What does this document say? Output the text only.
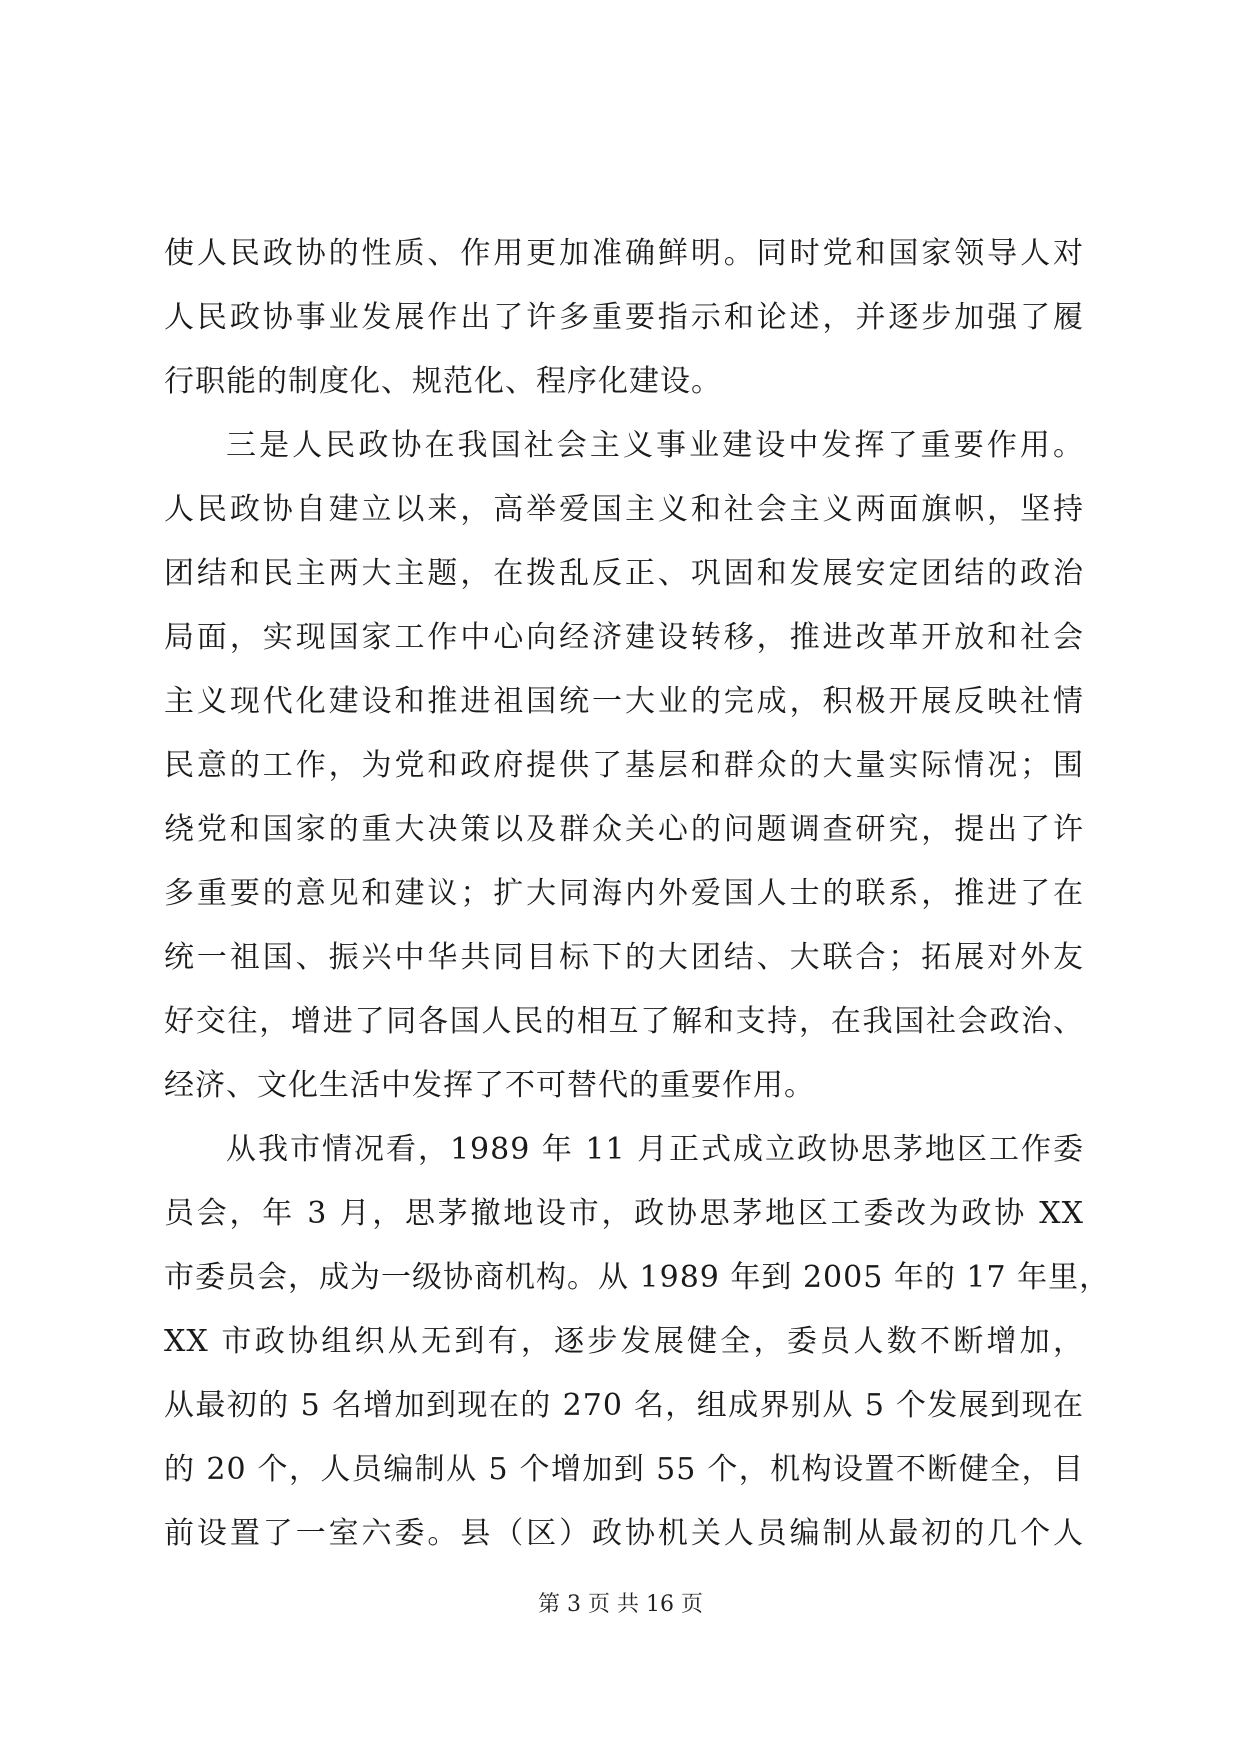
使人民政协的性质、作用更加准确鲜明。同时党和国家领导人对
人民政协事业发展作出了许多重要指示和论述，并逐步加强了履
行职能的制度化、规范化、程序化建设。
三是人民政协在我国社会主义事业建设中发挥了重要作用。
人民政协自建立以来，高举爱国主义和社会主义两面旗帜，坚持
团结和民主两大主题，在拨乱反正、巩固和发展安定团结的政治
局面，实现国家工作中心向经济建设转移，推进改革开放和社会
主义现代化建设和推进祖国统一大业的完成，积极开展反映社情
民意的工作，为党和政府提供了基层和群众的大量实际情况；围
绕党和国家的重大决策以及群众关心的问题调查研究，提出了许
多重要的意见和建议；扩大同海内外爱国人士的联系，推进了在
统一祖国、振兴中华共同目标下的大团结、大联合；拓展对外友
好交往，增进了同各国人民的相互了解和支持，在我国社会政治、
经济、文化生活中发挥了不可替代的重要作用。
从我市情况看，1989 年 11 月正式成立政协思茅地区工作委
员会，年 3 月，思茅撤地设市，政协思茅地区工委改为政协 XX
市委员会，成为一级协商机构。从 1989 年到 2005 年的 17 年里，
XX 市政协组织从无到有，逐步发展健全，委员人数不断增加，
从最初的 5 名增加到现在的 270 名，组成界别从 5 个发展到现在
的 20 个，人员编制从 5 个增加到 55 个，机构设置不断健全，目
前设置了一室六委。县（区）政协机关人员编制从最初的几个人
第 3 页 共 16 页
